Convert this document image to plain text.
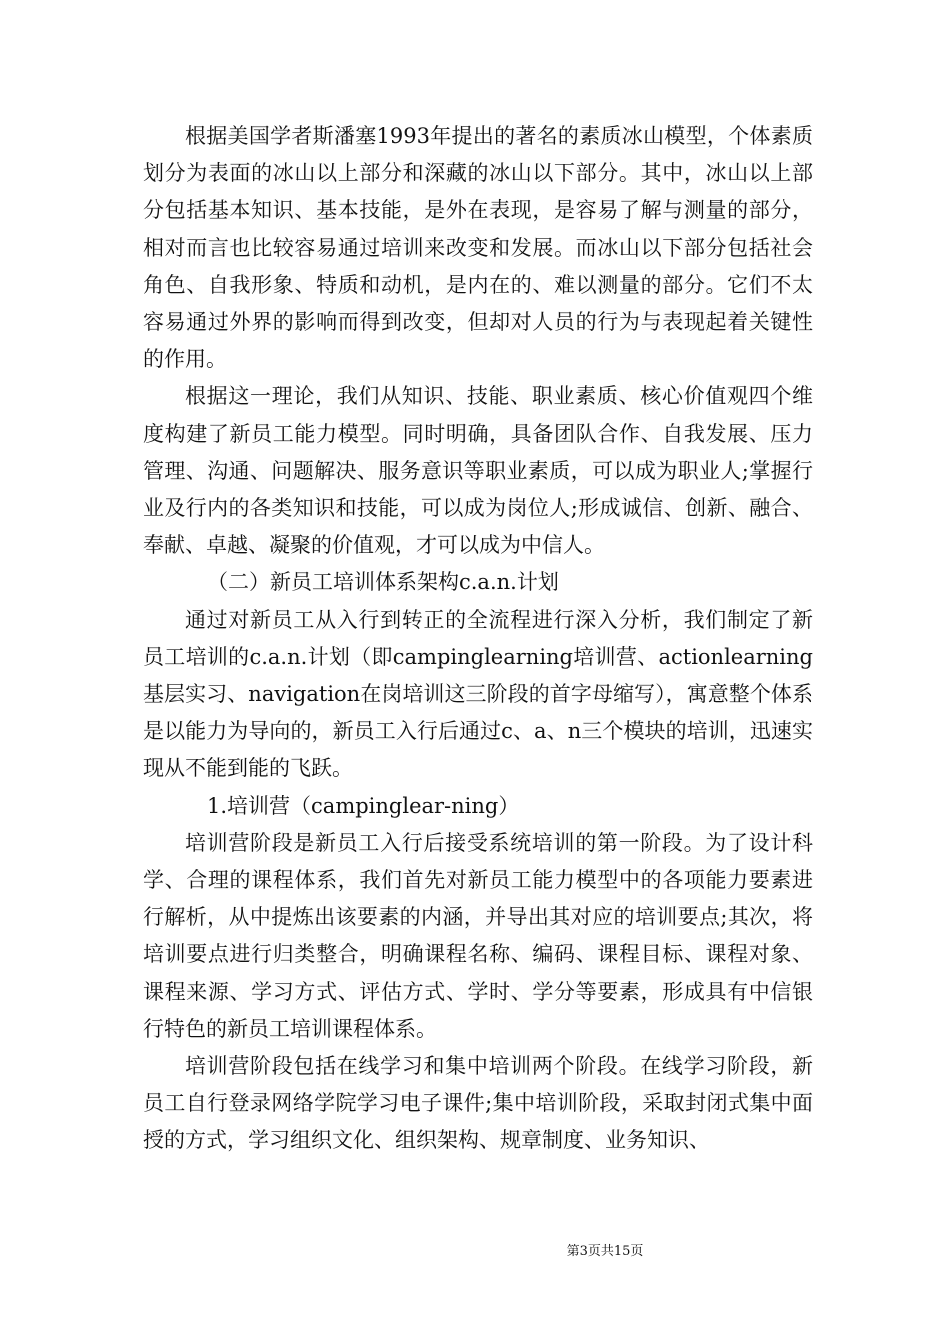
根据美国学者斯潘塞1993年提出的著名的素质冰山模型，个体素质划分为表面的冰山以上部分和深藏的冰山以下部分。其中，冰山以上部分包括基本知识、基本技能，是外在表现，是容易了解与测量的部分，相对而言也比较容易通过培训来改变和发展。而冰山以下部分包括社会角色、自我形象、特质和动机，是内在的、难以测量的部分。它们不太容易通过外界的影响而得到改变，但却对人员的行为与表现起着关键性的作用。

根据这一理论，我们从知识、技能、职业素质、核心价值观四个维度构建了新员工能力模型。同时明确，具备团队合作、自我发展、压力管理、沟通、问题解决、服务意识等职业素质，可以成为职业人;掌握行业及行内的各类知识和技能，可以成为岗位人;形成诚信、创新、融合、奉献、卓越、凝聚的价值观，才可以成为中信人。

（二）新员工培训体系架构c.a.n.计划

通过对新员工从入行到转正的全流程进行深入分析，我们制定了新员工培训的c.a.n.计划（即campinglearning培训营、actionlearning基层实习、navigation在岗培训这三阶段的首字母缩写），寓意整个体系是以能力为导向的，新员工入行后通过c、a、n三个模块的培训，迅速实现从不能到能的飞跃。

1.培训营（campinglear-ning）

培训营阶段是新员工入行后接受系统培训的第一阶段。为了设计科学、合理的课程体系，我们首先对新员工能力模型中的各项能力要素进行解析，从中提炼出该要素的内涵，并导出其对应的培训要点;其次，将培训要点进行归类整合，明确课程名称、编码、课程目标、课程对象、课程来源、学习方式、评估方式、学时、学分等要素，形成具有中信银行特色的新员工培训课程体系。

培训营阶段包括在线学习和集中培训两个阶段。在线学习阶段，新员工自行登录网络学院学习电子课件;集中培训阶段，采取封闭式集中面授的方式，学习组织文化、组织架构、规章制度、业务知识、

第3页共15页
